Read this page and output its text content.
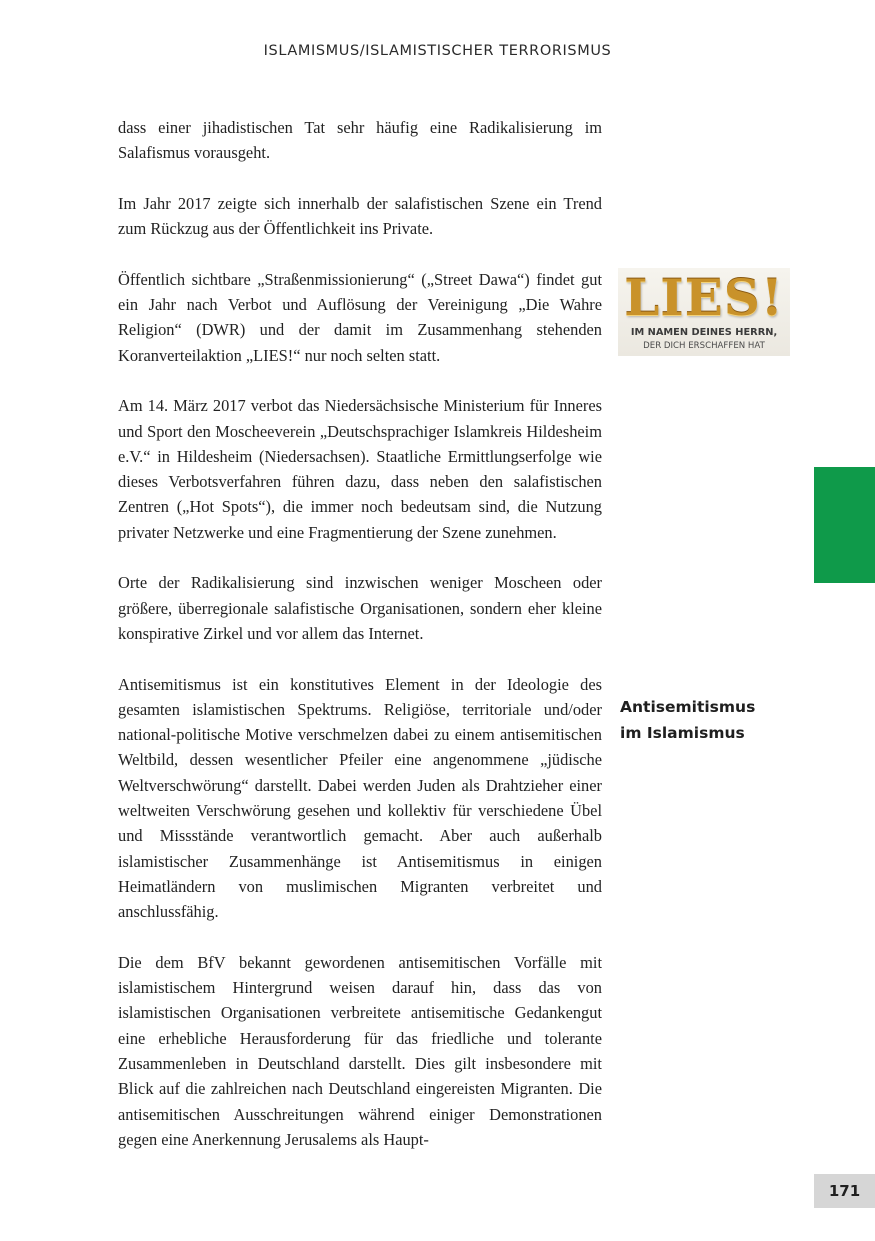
ISLAMISMUS/ISLAMISTISCHER TERRORISMUS

dass einer jihadistischen Tat sehr häufig eine Radikalisierung im Salafismus vorausgeht.

Im Jahr 2017 zeigte sich innerhalb der salafistischen Szene ein Trend zum Rückzug aus der Öffentlichkeit ins Private.

Öffentlich sichtbare „Straßenmissionierung“ („Street Dawa“) findet gut ein Jahr nach Verbot und Auflösung der Vereinigung „Die Wahre Religion“ (DWR) und der damit im Zusammenhang stehenden Koranverteilaktion „LIES!“ nur noch selten statt.

Am 14. März 2017 verbot das Niedersächsische Ministerium für Inneres und Sport den Moscheeverein „Deutschsprachiger Islamkreis Hildesheim e.V.“ in Hildesheim (Niedersachsen). Staatliche Ermittlungserfolge wie dieses Verbotsverfahren führen dazu, dass neben den salafistischen Zentren („Hot Spots“), die immer noch bedeutsam sind, die Nutzung privater Netzwerke und eine Fragmentierung der Szene zunehmen.

Orte der Radikalisierung sind inzwischen weniger Moscheen oder größere, überregionale salafistische Organisationen, sondern eher kleine konspirative Zirkel und vor allem das Internet.

Antisemitismus ist ein konstitutives Element in der Ideologie des gesamten islamistischen Spektrums. Religiöse, territoriale und/oder national-politische Motive verschmelzen dabei zu einem antisemitischen Weltbild, dessen wesentlicher Pfeiler eine angenommene „jüdische Weltverschwörung“ darstellt. Dabei werden Juden als Drahtzieher einer weltweiten Verschwörung gesehen und kollektiv für verschiedene Übel und Missstände verantwortlich gemacht. Aber auch außerhalb islamistischer Zusammenhänge ist Antisemitismus in einigen Heimatländern von muslimischen Migranten verbreitet und anschlussfähig.

Die dem BfV bekannt gewordenen antisemitischen Vorfälle mit islamistischem Hintergrund weisen darauf hin, dass das von islamistischen Organisationen verbreitete antisemitische Gedankengut eine erhebliche Herausforderung für das friedliche und tolerante Zusammenleben in Deutschland darstellt. Dies gilt insbesondere mit Blick auf die zahlreichen nach Deutschland eingereisten Migranten. Die antisemitischen Ausschreitungen während einiger Demonstrationen gegen eine Anerkennung Jerusalems als Haupt-

LIES!
IM NAMEN DEINES HERRN,
DER DICH ERSCHAFFEN HAT
Antisemitismus
im Islamismus
171
